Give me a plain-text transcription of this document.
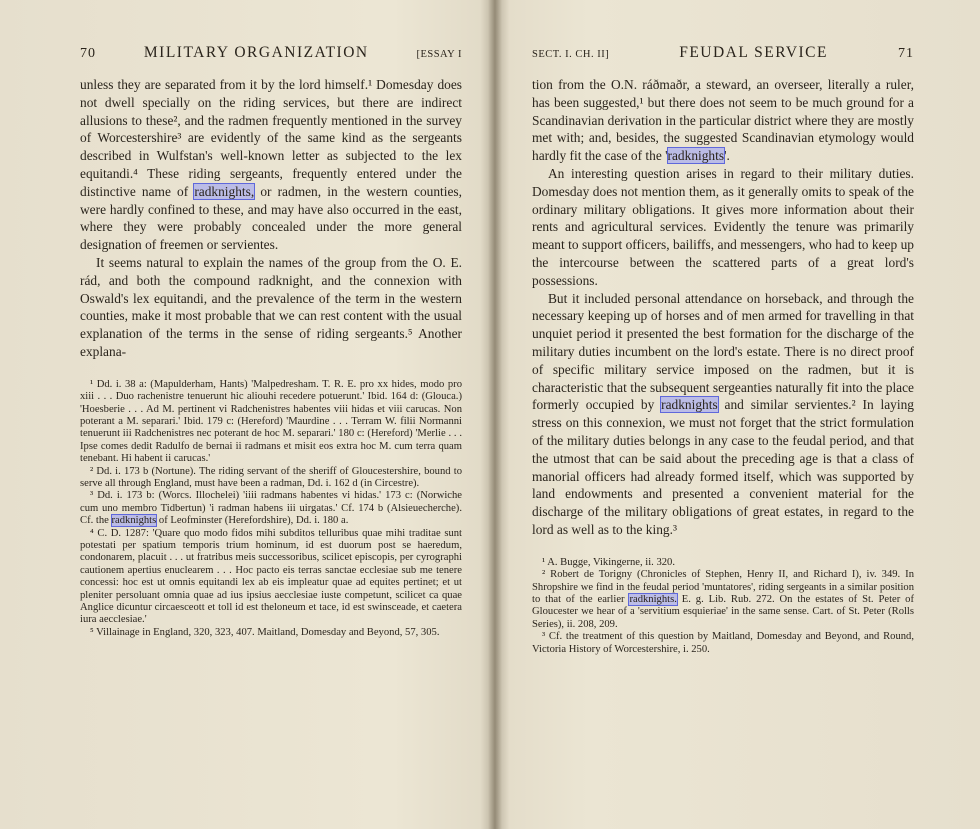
70	MILITARY ORGANIZATION	[ESSAY I

unless they are separated from it by the lord himself.¹ Domesday does not dwell specially on the riding services, but there are indirect allusions to these², and the radmen frequently mentioned in the survey of Worcestershire³ are evidently of the same kind as the sergeants described in Wulfstan's well-known letter as subjected to the lex equitandi.⁴ These riding sergeants, frequently entered under the distinctive name of radknights, or radmen, in the western counties, were hardly confined to these, and may have also occurred in the east, where they were probably concealed under the more general designation of freemen or servientes.

It seems natural to explain the names of the group from the O. E. rád, and both the compound radknight, and the connexion with Oswald's lex equitandi, and the prevalence of the term in the western counties, make it most probable that we can rest content with the usual explanation of the terms in the sense of riding sergeants.⁵ Another explana-

¹ Dd. i. 38 a: (Mapulderham, Hants) 'Malpedresham. T. R. E. pro xx hides, modo pro xiii . . . Duo rachenistre tenuerunt hic aliouhi recedere potuerunt.' Ibid. 164 d: (Glouca.) 'Hoesberie . . . Ad M. pertinent vi Radchenistres habentes viii hidas et viii carucas. Non poterant a M. separari.' Ibid. 179 c: (Hereford) 'Maurdine . . . Terram W. filii Normanni tenuerunt iii Radchenistres nec poterant de hoc M. separari.' 180 c: (Hereford) 'Merlie . . . Ipse comes dedit Radulfo de bernai ii radmans et misit eos extra hoc M. cum terra quam tenebant. Hi habent ii carucas.'

² Dd. i. 173 b (Nortune). The riding servant of the sheriff of Gloucestershire, bound to serve all through England, must have been a radman, Dd. i. 162 d (in Circestre).

³ Dd. i. 173 b: (Worcs. Illochelei) 'iiii radmans habentes vi hidas.' 173 c: (Norwiche cum uno membro Tidbertun) 'i radman habens iii uirgatas.' Cf. 174 b (Alsieuecherche). Cf. the radknights of Leofminster (Herefordshire), Dd. i. 180 a.

⁴ C. D. 1287: 'Quare quo modo fidos mihi subditos telluribus quae mihi traditae sunt potestati per spatium temporis trium hominum, id est duorum post se haeredum, condonarem, placuit . . . ut fratribus meis successoribus, scilicet episcopis, per cyrographi cautionem apertius enuclearem . . . Hoc pacto eis terras sanctae ecclesiae sub me tenere concessi: hoc est ut omnis equitandi lex ab eis impleatur quae ad equites pertinet; et ut pleniter persoluant omnia quae ad ius ipsius aecclesiae iuste competunt, scilicet ca quae Anglice dicuntur circaesceott et toll id est theloneum et tace, id est swinsceade, et caetera iura aecclesiae.'

⁵ Villainage in England, 320, 323, 407. Maitland, Domesday and Beyond, 57, 305.

SECT. I. CH. II]	FEUDAL SERVICE	71

tion from the O.N. ráðmaðr, a steward, an overseer, literally a ruler, has been suggested,¹ but there does not seem to be much ground for a Scandinavian derivation in the particular district where they are mostly met with; and, besides, the suggested Scandinavian etymology would hardly fit the case of the 'radknights'.

An interesting question arises in regard to their military duties. Domesday does not mention them, as it generally omits to speak of the ordinary military obligations. It gives more information about their rents and agricultural services. Evidently the tenure was primarily meant to support officers, bailiffs, and messengers, who had to keep up the intercourse between the scattered parts of a great lord's possessions.

But it included personal attendance on horseback, and through the necessary keeping up of horses and of men armed for travelling in that unquiet period it presented the best formation for the discharge of the military duties incumbent on the lord's estate. There is no direct proof of specific military service imposed on the radmen, but it is characteristic that the subsequent sergeanties naturally fit into the place formerly occupied by radknights and similar servientes.² In laying stress on this connexion, we must not forget that the strict formulation of the military duties belongs in any case to the feudal period, and that the utmost that can be said about the preceding age is that a class of manorial officers had already formed itself, which was supported by land endowments and presented a convenient material for the discharge of the military obligations of great estates, in regard to the lord as well as to the king.³

¹ A. Bugge, Vikingerne, ii. 320.

² Robert de Torigny (Chronicles of Stephen, Henry II, and Richard I), iv. 349. In Shropshire we find in the feudal period 'muntatores', riding sergeants in a similar position to that of the earlier radknights. E. g. Lib. Rub. 272. On the estates of St. Peter of Gloucester we hear of a 'servitium esquieriae' in the same sense. Cart. of St. Peter (Rolls Series), ii. 208, 209.

³ Cf. the treatment of this question by Maitland, Domesday and Beyond, and Round, Victoria History of Worcestershire, i. 250.
